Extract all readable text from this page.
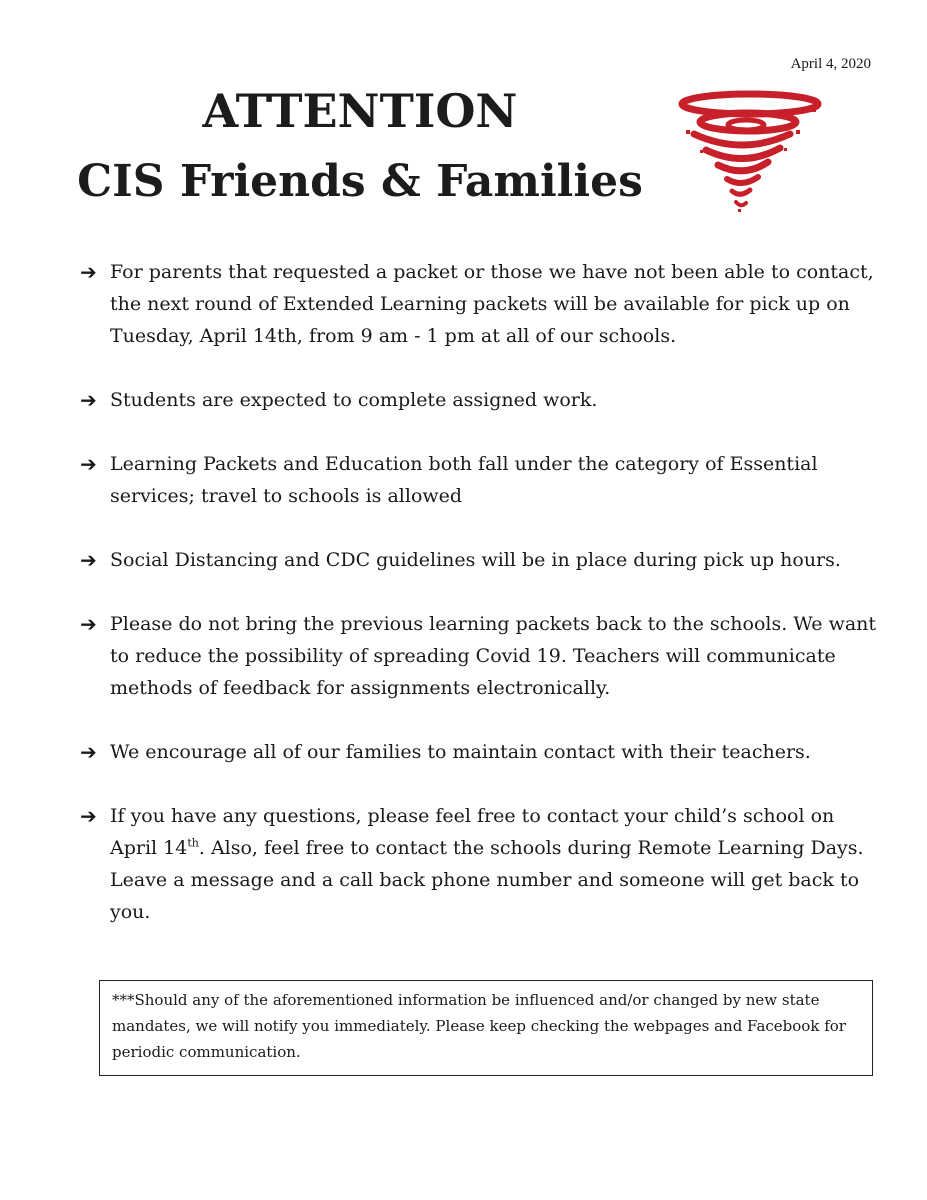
April 4, 2020
ATTENTION
CIS Friends & Families
➔ For parents that requested a packet or those we have not been able to contact, the next round of Extended Learning packets will be available for pick up on Tuesday, April 14th, from 9 am - 1 pm at all of our schools.
➔ Students are expected to complete assigned work.
➔ Learning Packets and Education both fall under the category of Essential services; travel to schools is allowed
➔ Social Distancing and CDC guidelines will be in place during pick up hours.
➔ Please do not bring the previous learning packets back to the schools. We want to reduce the possibility of spreading Covid 19. Teachers will communicate methods of feedback for assignments electronically.
➔ We encourage all of our families to maintain contact with their teachers.
➔ If you have any questions, please feel free to contact your child’s school on April 14th. Also, feel free to contact the schools during Remote Learning Days. Leave a message and a call back phone number and someone will get back to you.
***Should any of the aforementioned information be influenced and/or changed by new state mandates, we will notify you immediately. Please keep checking the webpages and Facebook for periodic communication.
